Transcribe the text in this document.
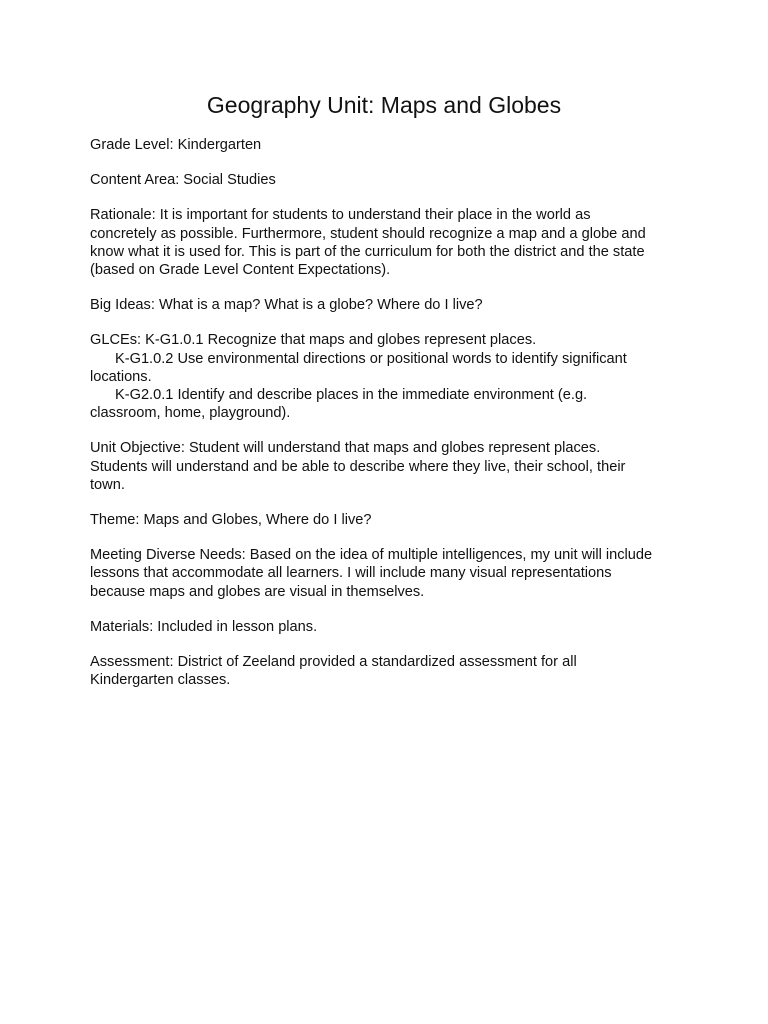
Geography Unit: Maps and Globes

Grade Level: Kindergarten

Content Area: Social Studies

Rationale: It is important for students to understand their place in the world as
concretely as possible. Furthermore, student should recognize a map and a globe and
know what it is used for. This is part of the curriculum for both the district and the state
(based on Grade Level Content Expectations).

Big Ideas: What is a map? What is a globe? Where do I live?

GLCEs: K-G1.0.1 Recognize that maps and globes represent places.
K-G1.0.2 Use environmental directions or positional words to identify significant
locations.
K-G2.0.1 Identify and describe places in the immediate environment (e.g.
classroom, home, playground).

Unit Objective: Student will understand that maps and globes represent places.
Students will understand and be able to describe where they live, their school, their
town.

Theme: Maps and Globes, Where do I live?

Meeting Diverse Needs: Based on the idea of multiple intelligences, my unit will include
lessons that accommodate all learners. I will include many visual representations
because maps and globes are visual in themselves.

Materials: Included in lesson plans.

Assessment: District of Zeeland provided a standardized assessment for all
Kindergarten classes.
